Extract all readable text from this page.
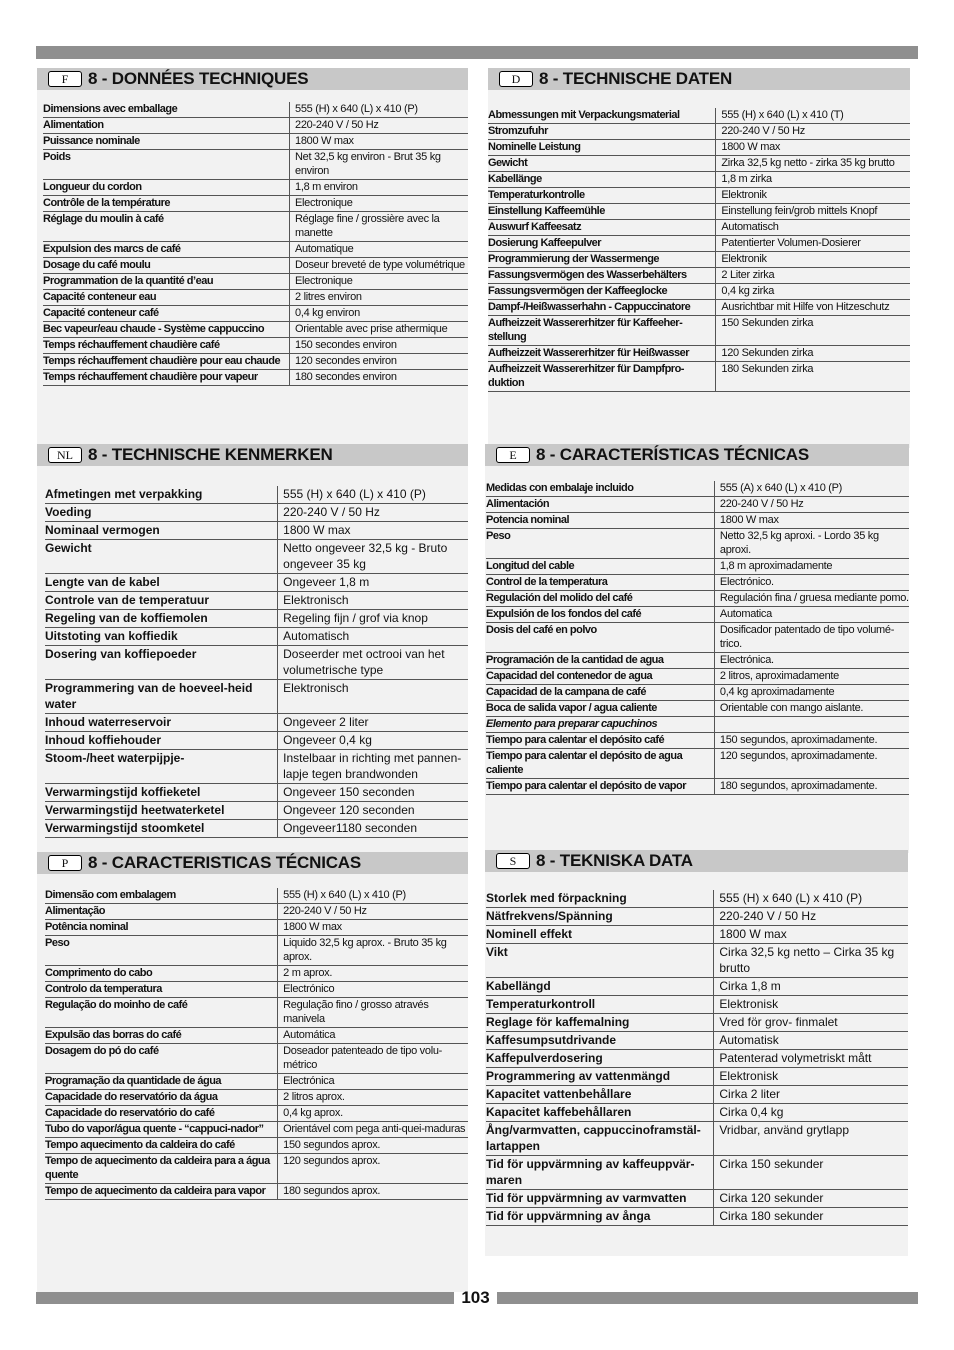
F	8 - DONNÉES TECHNIQUES
Dimensions avec emballage	555 (H) x 640 (L) x 410 (P)
Alimentation	220-240 V / 50 Hz
Puissance nominale	1800 W max
Poids	Net 32,5 kg environ - Brut 35 kg environ
Longueur du cordon	1,8 m environ
Contrôle de la température	Electronique
Réglage du moulin à café	Réglage fine / grossière avec la manette
Expulsion des marcs de café	Automatique
Dosage du café moulu	Doseur breveté de type volumétrique
Programmation de la quantité d’eau	Electronique
Capacité conteneur eau	2 litres environ
Capacité conteneur café	0,4 kg environ
Bec vapeur/eau chaude - Système cappuccino	Orientable avec prise athermique
Temps réchauffement chaudière café	150 secondes environ
Temps réchauffement chaudière pour eau chaude	120 secondes environ
Temps réchauffement chaudière pour vapeur	180 secondes environ
D	8 - TECHNISCHE DATEN
Abmessungen mit Verpackungsmaterial	555 (H) x 640 (L) x 410 (T)
Stromzufuhr	220-240 V / 50 Hz
Nominelle Leistung	1800 W max
Gewicht	Zirka 32,5 kg netto - zirka 35 kg brutto
Kabellänge	1,8 m zirka
Temperaturkontrolle	Elektronik
Einstellung Kaffeemühle	Einstellung fein/grob mittels Knopf
Auswurf Kaffeesatz	Automatisch
Dosierung Kaffeepulver	Patentierter Volumen-Dosierer
Programmierung der Wassermenge	Elektronik
Fassungsvermögen des Wasserbehälters	2 Liter zirka
Fassungsvermögen der Kaffeeglocke	0,4 kg zirka
Dampf-/Heißwasserhahn - Cappuccinatore	Ausrichtbar mit Hilfe von Hitzeschutz
Aufheizzeit Wassererhitzer für Kaffeeher-stellung	150 Sekunden zirka
Aufheizzeit Wassererhitzer für Heißwasser	120 Sekunden zirka
Aufheizzeit Wassererhitzer für Dampfpro-duktion	180 Sekunden zirka
NL 8 - TECHNISCHE KENMERKEN
Afmetingen met verpakking	555 (H) x 640 (L) x 410 (P)
Voeding	220-240 V / 50 Hz
Nominaal vermogen	1800 W max
Gewicht	Netto ongeveer 32,5 kg - Bruto ongeveer 35 kg
Lengte van de kabel	Ongeveer 1,8 m
Controle van de temperatuur	Elektronisch
Regeling van de koffiemolen	Regeling fijn / grof via knop
Uitstoting van koffiedik	Automatisch
Dosering van koffiepoeder	Doseerder met octrooi van het volumetrische type
Programmering van de hoeveel-heid water	Elektronisch
Inhoud waterreservoir	Ongeveer 2 liter
Inhoud koffiehouder	Ongeveer 0,4 kg
Stoom-/heet waterpijpje-	Instelbaar in richting met pannen-lapje tegen brandwonden
Verwarmingstijd koffieketel	Ongeveer 150 seconden
Verwarmingstijd heetwaterketel	Ongeveer 120 seconden
Verwarmingstijd stoomketel	Ongeveer1180 seconden
E	8 - CARACTERÍSTICAS TÉCNICAS
Medidas con embalaje incluido	555 (A) x 640 (L) x 410 (P)
Alimentación	220-240 V / 50 Hz
Potencia nominal	1800 W max
Peso	Netto 32,5 kg aproxi. - Lordo 35 kg aproxi.
Longitud del cable	1,8 m aproximadamente
Control de la temperatura	Electrónico.
Regulación del molido del café	Regulación fina / gruesa mediante pomo.
Expulsión de los fondos del café	Automatica
Dosis del café en polvo	Dosificador patentado de tipo volumé-trico.
Programación de la cantidad de agua	Electrónica.
Capacidad del contenedor de agua	2 litros, aproximadamente
Capacidad de la campana de café	0,4 kg aproximadamente
Boca de salida vapor / agua caliente	Orientable con mango aislante.
Elemento para preparar capuchinos	
Tiempo para calentar el depósito café	150 segundos, aproximadamente.
Tiempo para calentar el depósito de agua caliente	120 segundos, aproximadamente.
Tiempo para calentar el depósito de vapor	180 segundos, aproximadamente.
P	8 - CARACTERISTICAS TÉCNICAS
Dimensão com embalagem	555 (H) x 640 (L) x 410 (P)
Alimentação	220-240 V / 50 Hz
Potência nominal	1800 W max
Peso	Liquido 32,5 kg aprox. - Bruto 35 kg aprox.
Comprimento do cabo	2 m aprox.
Controlo da temperatura	Electrónico
Regulação do moinho de café	Regulação fino / grosso através manivela
Expulsão das borras do café	Automática
Dosagem do pó do café	Doseador patenteado de tipo volu-métrico
Programação da quantidade de água	Electrónica
Capacidade do reservatório da água	2 litros aprox.
Capacidade do reservatório do café	0,4 kg aprox.
Tubo do vapor/água quente - “cappuci-nador”	Orientável com pega anti-quei-maduras
Tempo aquecimento da caldeira do café	150 segundos aprox.
Tempo de aquecimento da caldeira para a água quente	120 segundos aprox.
Tempo de aquecimento da caldeira para vapor	180 segundos aprox.
S	8 - TEKNISKA DATA
Storlek med förpackning	555 (H) x 640 (L) x 410 (P)
Nätfrekvens/Spänning	220-240 V / 50 Hz
Nominell effekt	1800 W max
Vikt	Cirka 32,5 kg netto – Cirka 35 kg brutto
Kabellängd	Cirka 1,8 m
Temperaturkontroll	Elektronisk
Reglage för kaffemalning	Vred för grov- finmalet
Kaffesumpsutdrivande	Automatisk
Kaffepulverdosering	Patenterad volymetriskt mått
Programmering av vattenmängd	Elektronisk
Kapacitet vattenbehållare	Cirka 2 liter
Kapacitet kaffebehållaren	Cirka 0,4 kg
Ång/varmvatten, cappuccinoframstäl-lartappen	Vridbar, använd grytlapp
Tid för uppvärmning av kaffeuppvär-maren	Cirka 150 sekunder
Tid för uppvärmning av varmvatten	Cirka 120 sekunder
Tid för uppvärmning av ånga	Cirka 180 sekunder
103
